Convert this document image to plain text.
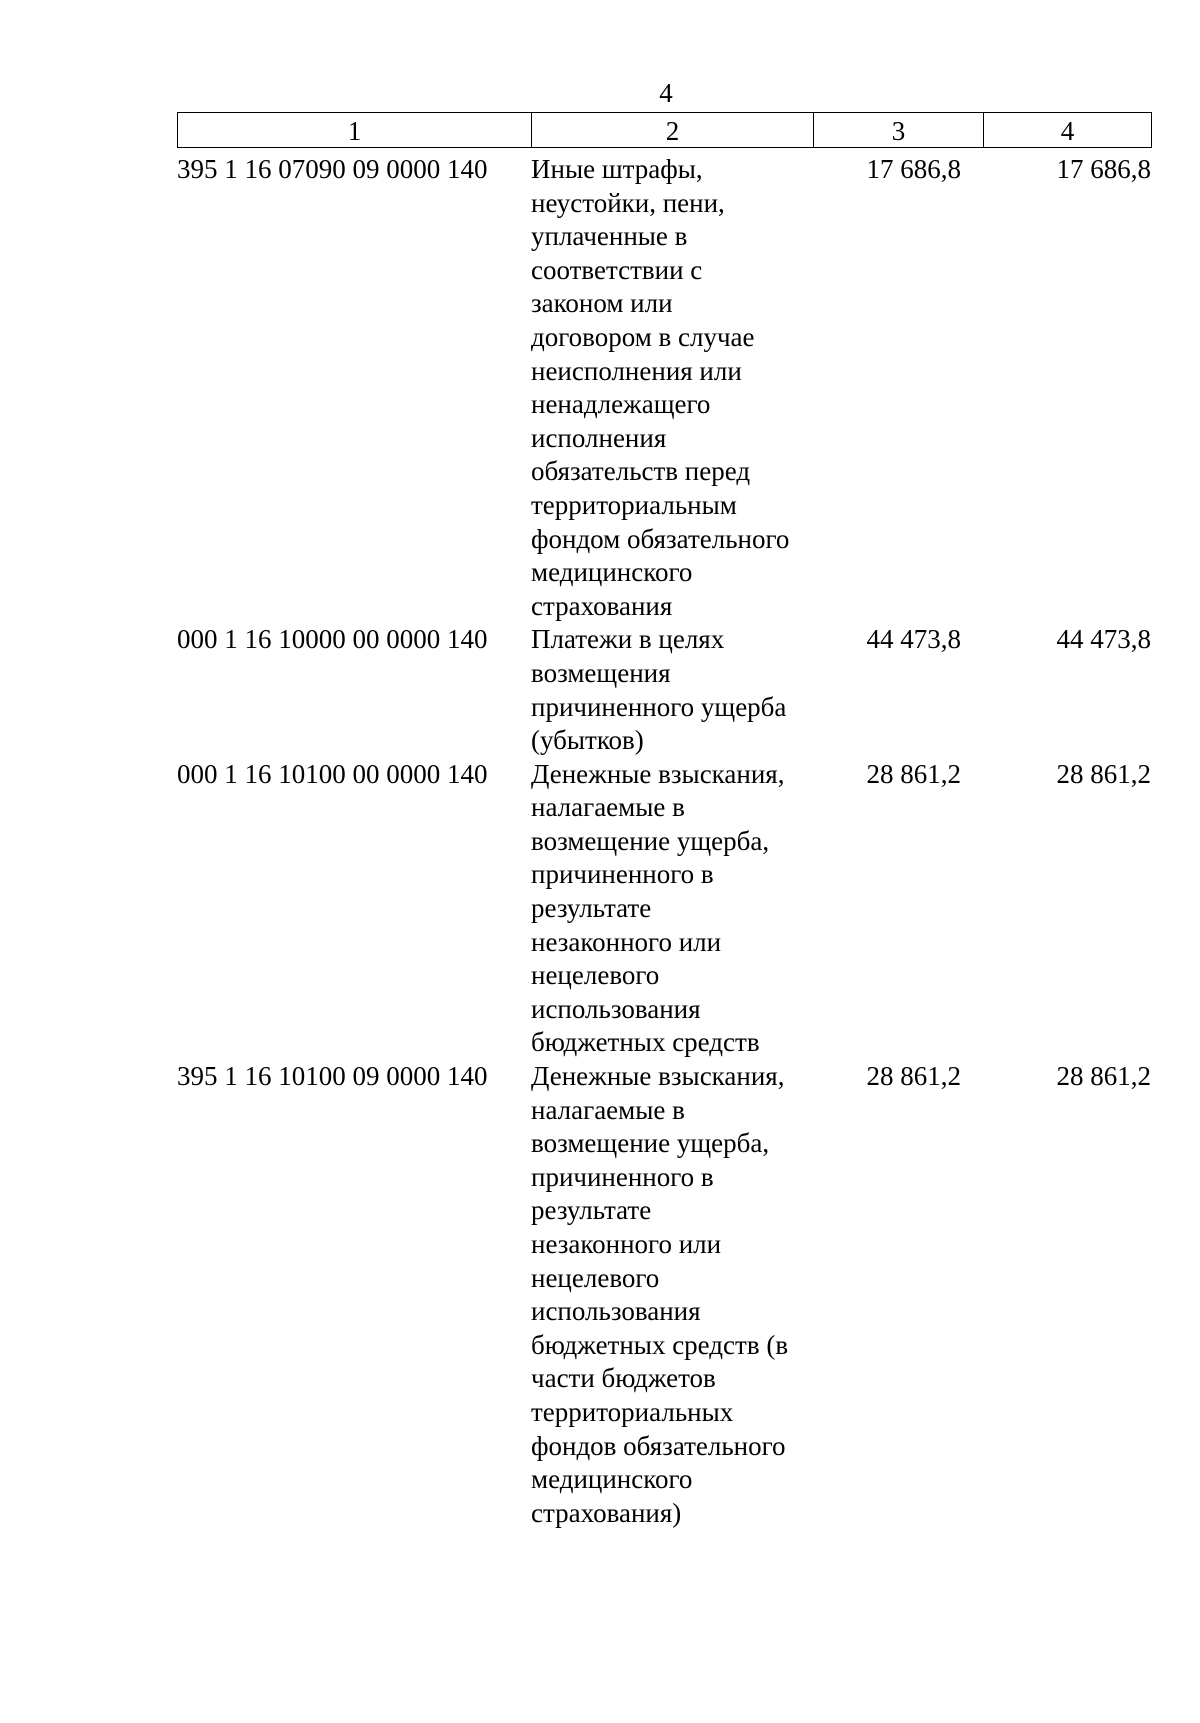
4
1	2	3	4
395 1 16 07090 09 0000 140	Иные штрафы,
неустойки, пени,
уплаченные в
соответствии с
законом или
договором в случае
неисполнения или
ненадлежащего
исполнения
обязательств перед
территориальным
фондом обязательного
медицинского
страхования
17 686,8	17 686,8
000 1 16 10000 00 0000 140	Платежи в целях
возмещения
причиненного ущерба
(убытков)
44 473,8	44 473,8
000 1 16 10100 00 0000 140	Денежные взыскания,
налагаемые в
возмещение ущерба,
причиненного в
результате
незаконного или
нецелевого
использования
бюджетных средств
28 861,2	28 861,2
395 1 16 10100 09 0000 140	Денежные взыскания,
налагаемые в
возмещение ущерба,
причиненного в
результате
незаконного или
нецелевого
использования
бюджетных средств (в
части бюджетов
территориальных
фондов обязательного
медицинского
страхования)
28 861,2	28 861,2
